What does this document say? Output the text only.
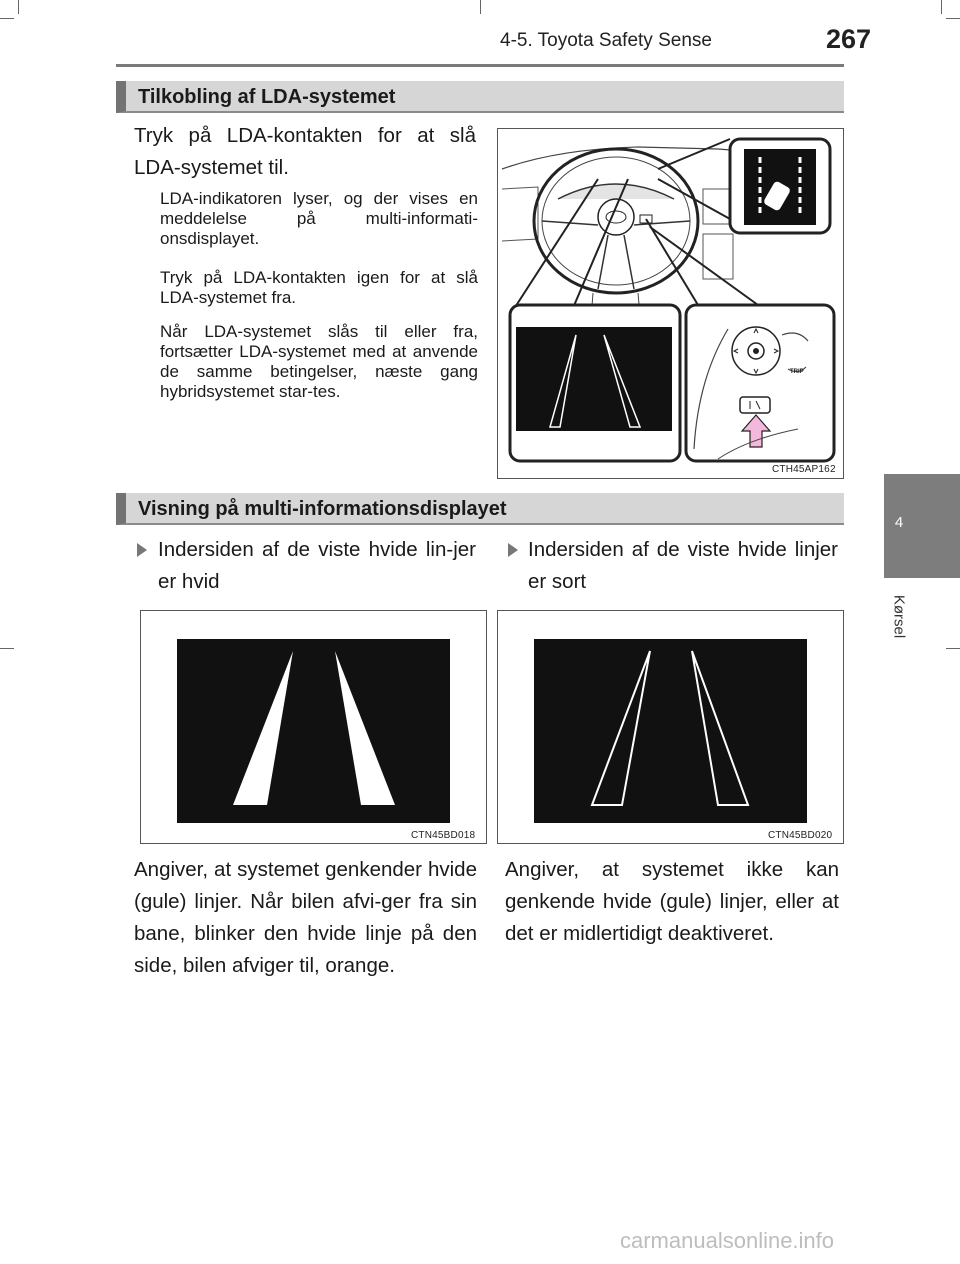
4-5. Toyota Safety Sense	267
4
Kørsel
Tilkobling af LDA-systemet
Tryk på LDA-kontakten for at slå LDA-systemet til.
LDA-indikatoren lyser, og der vises en meddelelse på multi-informati-onsdisplayet.
Tryk på LDA-kontakten igen for at slå LDA-systemet fra.
Når LDA-systemet slås til eller fra, fortsætter LDA-systemet med at anvende de samme betingelser, næste gang hybridsystemet star-tes.
TRIP
CTH45AP162
Visning på multi-informationsdisplayet
Indersiden af de viste hvide lin-jer er hvid
Indersiden af de viste hvide linjer er sort
CTN45BD018	CTN45BD020
Angiver, at systemet genkender hvide (gule) linjer. Når bilen afvi-ger fra sin bane, blinker den hvide linje på den side, bilen afviger til, orange.
Angiver, at systemet ikke kan genkende hvide (gule) linjer, eller at det er midlertidigt deaktiveret.
carmanualsonline.info
